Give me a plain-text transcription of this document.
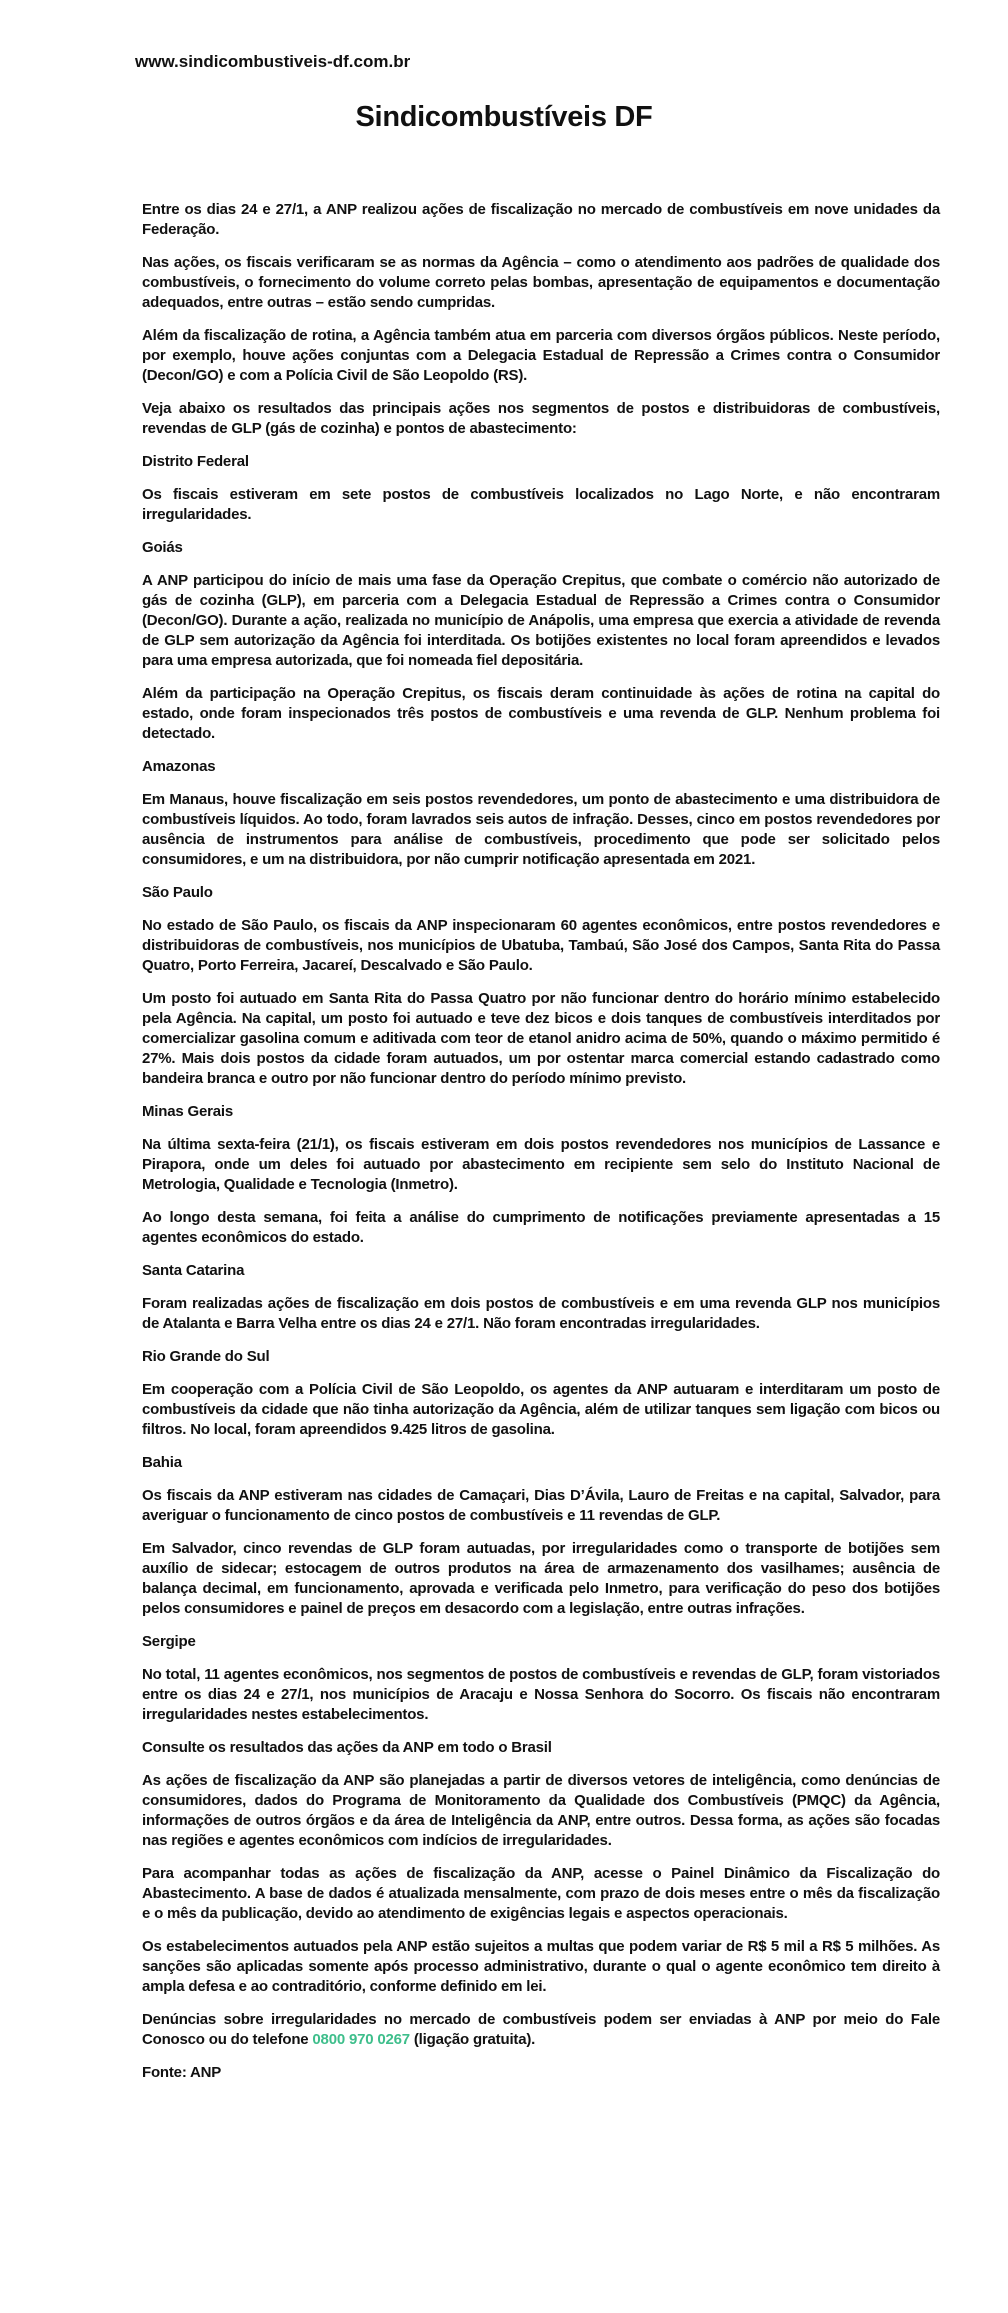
www.sindicombustiveis-df.com.br
Sindicombustíveis DF
Entre os dias 24 e 27/1, a ANP realizou ações de fiscalização no mercado de combustíveis em nove unidades da Federação.
Nas ações, os fiscais verificaram se as normas da Agência – como o atendimento aos padrões de qualidade dos combustíveis, o fornecimento do volume correto pelas bombas, apresentação de equipamentos e documentação adequados, entre outras – estão sendo cumpridas.
Além da fiscalização de rotina, a Agência também atua em parceria com diversos órgãos públicos. Neste período, por exemplo, houve ações conjuntas com a Delegacia Estadual de Repressão a Crimes contra o Consumidor (Decon/GO) e com a Polícia Civil de São Leopoldo (RS).
Veja abaixo os resultados das principais ações nos segmentos de postos e distribuidoras de combustíveis, revendas de GLP (gás de cozinha) e pontos de abastecimento:
Distrito Federal
Os fiscais estiveram em sete postos de combustíveis localizados no Lago Norte, e não encontraram irregularidades.
Goiás
A ANP participou do início de mais uma fase da Operação Crepitus, que combate o comércio não autorizado de gás de cozinha (GLP), em parceria com a Delegacia Estadual de Repressão a Crimes contra o Consumidor (Decon/GO). Durante a ação, realizada no município de Anápolis, uma empresa que exercia a atividade de revenda de GLP sem autorização da Agência foi interditada. Os botijões existentes no local foram apreendidos e levados para uma empresa autorizada, que foi nomeada fiel depositária.
Além da participação na Operação Crepitus, os fiscais deram continuidade às ações de rotina na capital do estado, onde foram inspecionados três postos de combustíveis e uma revenda de GLP. Nenhum problema foi detectado.
Amazonas
Em Manaus, houve fiscalização em seis postos revendedores, um ponto de abastecimento e uma distribuidora de combustíveis líquidos. Ao todo, foram lavrados seis autos de infração. Desses, cinco em postos revendedores por ausência de instrumentos para análise de combustíveis, procedimento que pode ser solicitado pelos consumidores, e um na distribuidora, por não cumprir notificação apresentada em 2021.
São Paulo
No estado de São Paulo, os fiscais da ANP inspecionaram 60 agentes econômicos, entre postos revendedores e distribuidoras de combustíveis, nos municípios de Ubatuba, Tambaú, São José dos Campos, Santa Rita do Passa Quatro, Porto Ferreira, Jacareí, Descalvado e São Paulo.
Um posto foi autuado em Santa Rita do Passa Quatro por não funcionar dentro do horário mínimo estabelecido pela Agência. Na capital, um posto foi autuado e teve dez bicos e dois tanques de combustíveis interditados por comercializar gasolina comum e aditivada com teor de etanol anidro acima de 50%, quando o máximo permitido é 27%. Mais dois postos da cidade foram autuados, um por ostentar marca comercial estando cadastrado como bandeira branca e outro por não funcionar dentro do período mínimo previsto.
Minas Gerais
Na última sexta-feira (21/1), os fiscais estiveram em dois postos revendedores nos municípios de Lassance e Pirapora, onde um deles foi autuado por abastecimento em recipiente sem selo do Instituto Nacional de Metrologia, Qualidade e Tecnologia (Inmetro).
Ao longo desta semana, foi feita a análise do cumprimento de notificações previamente apresentadas a 15 agentes econômicos do estado.
Santa Catarina
Foram realizadas ações de fiscalização em dois postos de combustíveis e em uma revenda GLP nos municípios de Atalanta e Barra Velha entre os dias 24 e 27/1. Não foram encontradas irregularidades.
Rio Grande do Sul
Em cooperação com a Polícia Civil de São Leopoldo, os agentes da ANP autuaram e interditaram um posto de combustíveis da cidade que não tinha autorização da Agência, além de utilizar tanques sem ligação com bicos ou filtros. No local, foram apreendidos 9.425 litros de gasolina.
Bahia
Os fiscais da ANP estiveram nas cidades de Camaçari, Dias D’Ávila, Lauro de Freitas e na capital, Salvador, para averiguar o funcionamento de cinco postos de combustíveis e 11 revendas de GLP.
Em Salvador, cinco revendas de GLP foram autuadas, por irregularidades como o transporte de botijões sem auxílio de sidecar; estocagem de outros produtos na área de armazenamento dos vasilhames; ausência de balança decimal, em funcionamento, aprovada e verificada pelo Inmetro, para verificação do peso dos botijões pelos consumidores e painel de preços em desacordo com a legislação, entre outras infrações.
Sergipe
No total, 11 agentes econômicos, nos segmentos de postos de combustíveis e revendas de GLP, foram vistoriados entre os dias 24 e 27/1, nos municípios de Aracaju e Nossa Senhora do Socorro. Os fiscais não encontraram irregularidades nestes estabelecimentos.
Consulte os resultados das ações da ANP em todo o Brasil
As ações de fiscalização da ANP são planejadas a partir de diversos vetores de inteligência, como denúncias de consumidores, dados do Programa de Monitoramento da Qualidade dos Combustíveis (PMQC) da Agência, informações de outros órgãos e da área de Inteligência da ANP, entre outros. Dessa forma, as ações são focadas nas regiões e agentes econômicos com indícios de irregularidades.
Para acompanhar todas as ações de fiscalização da ANP, acesse o Painel Dinâmico da Fiscalização do Abastecimento. A base de dados é atualizada mensalmente, com prazo de dois meses entre o mês da fiscalização e o mês da publicação, devido ao atendimento de exigências legais e aspectos operacionais.
Os estabelecimentos autuados pela ANP estão sujeitos a multas que podem variar de R$ 5 mil a R$ 5 milhões. As sanções são aplicadas somente após processo administrativo, durante o qual o agente econômico tem direito à ampla defesa e ao contraditório, conforme definido em lei.
Denúncias sobre irregularidades no mercado de combustíveis podem ser enviadas à ANP por meio do Fale Conosco ou do telefone 0800 970 0267 (ligação gratuita).
Fonte: ANP
